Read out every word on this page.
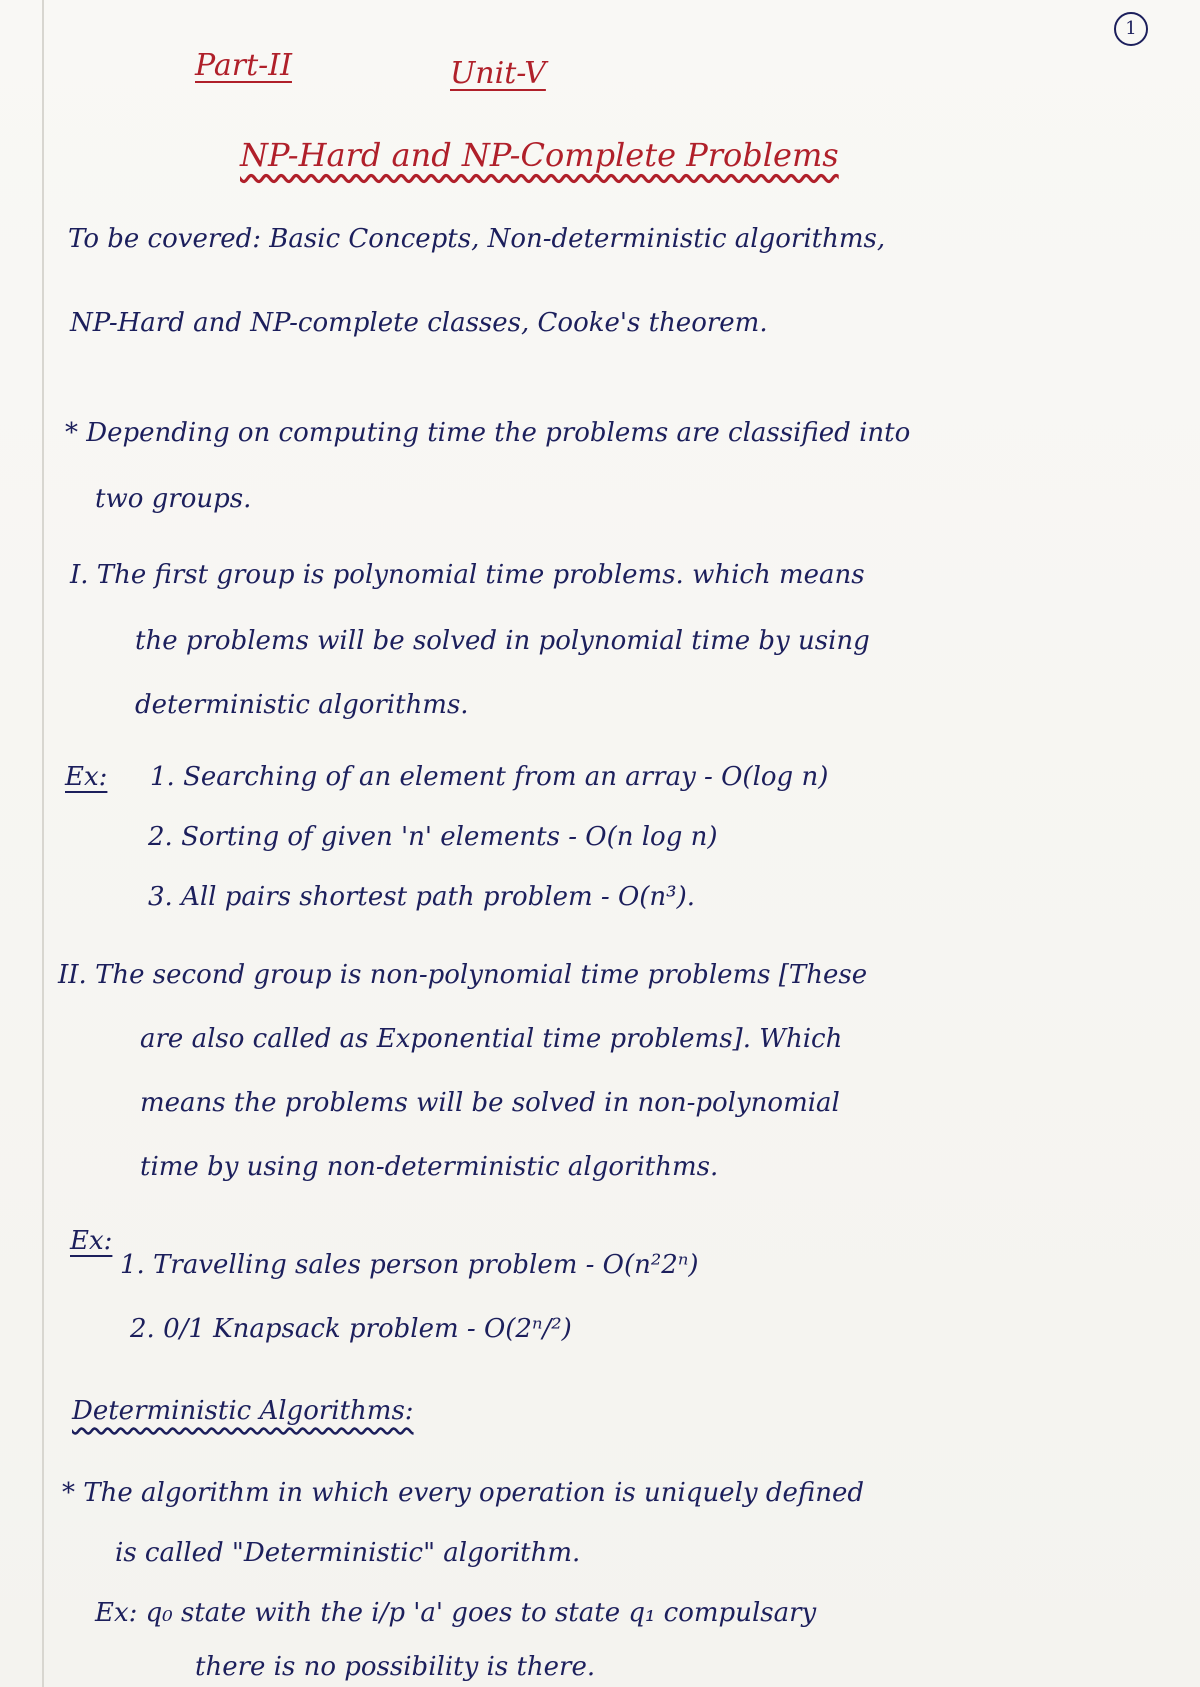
1
Part-II	Unit-V
NP-Hard and NP-Complete Problems
To be covered: Basic Concepts, Non-deterministic algorithms,
NP-Hard and NP-complete classes, Cooke's theorem.
* Depending on computing time the problems are classified into
two groups.
I. The first group is polynomial time problems. which means
the problems will be solved in polynomial time by using
deterministic algorithms.
Ex: 1. Searching of an element from an array - O(log n)
2. Sorting of given 'n' elements - O(n log n)
3. All pairs shortest path problem - O(n³).
II. The second group is non-polynomial time problems [These
are also called as Exponential time problems]. Which
means the problems will be solved in non-polynomial
time by using non-deterministic algorithms.
Ex:
1. Travelling sales person problem - O(n²2ⁿ)
2. 0/1 Knapsack problem - O(2ⁿ/²)
Deterministic Algorithms:
* The algorithm in which every operation is uniquely defined
is called "Deterministic" algorithm.
Ex: q₀ state with the i/p 'a' goes to state q₁ compulsary
there is no possibility is there.
